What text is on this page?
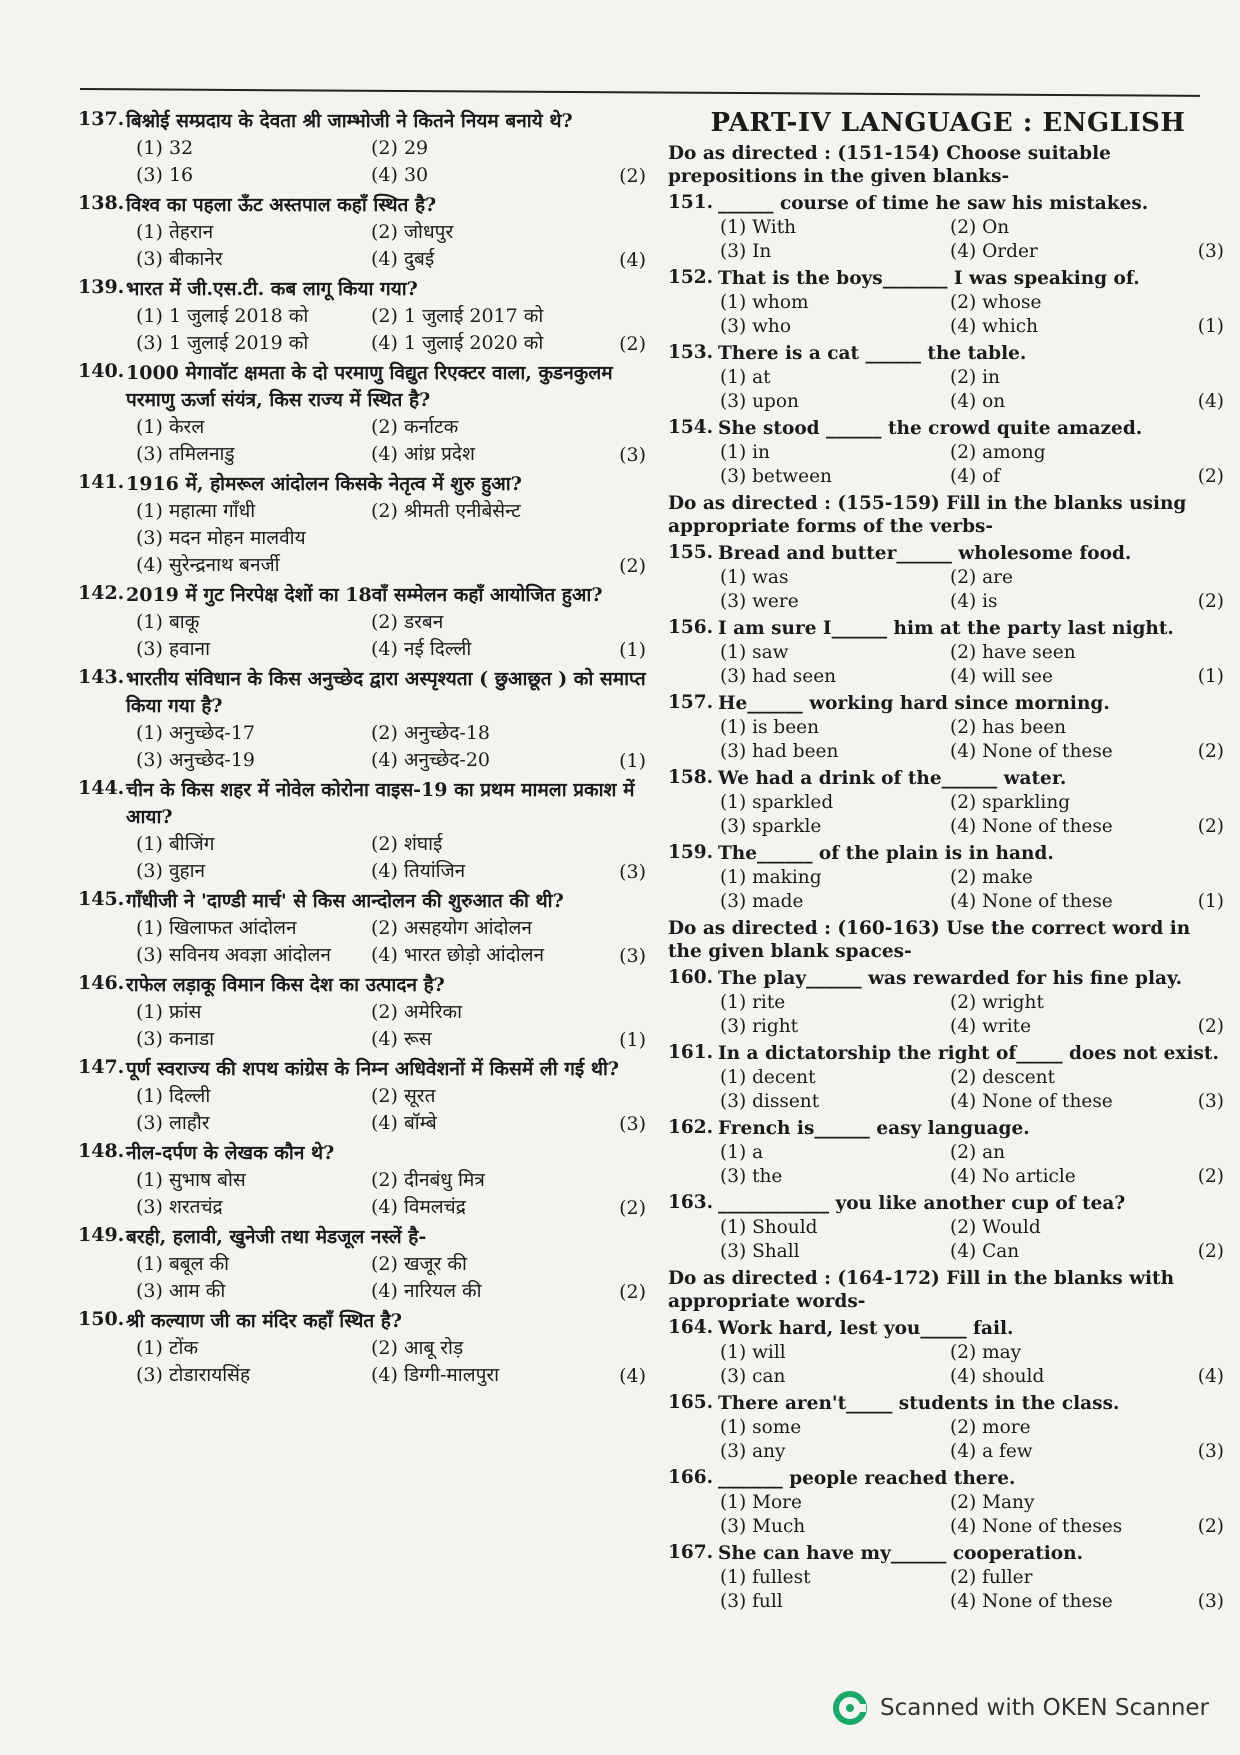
137. बिश्नोई सम्प्रदाय के देवता श्री जाम्भोजी ने कितने नियम बनाये थे?
(1) 32	(2) 29
(3) 16	(4) 30	(2)
138. विश्व का पहला ऊँट अस्तपाल कहाँ स्थित है?
(1) तेहरान	(2) जोधपुर
(3) बीकानेर	(4) दुबई	(4)
139. भारत में जी.एस.टी. कब लागू किया गया?
(1) 1 जुलाई 2018 को	(2) 1 जुलाई 2017 को
(3) 1 जुलाई 2019 को	(4) 1 जुलाई 2020 को	(2)
140. 1000 मेगावॉट क्षमता के दो परमाणु विद्युत रिएक्टर वाला, कुडनकुलम परमाणु ऊर्जा संयंत्र, किस राज्य में स्थित है?
(1) केरल	(2) कर्नाटक
(3) तमिलनाडु	(4) आंध्र प्रदेश	(3)
141. 1916 में, होमरूल आंदोलन किसके नेतृत्व में शुरु हुआ?
(1) महात्मा गाँधी	(2) श्रीमती एनीबेसेन्ट
(3) मदन मोहन मालवीय
(4) सुरेन्द्रनाथ बनर्जी	(2)
142. 2019 में गुट निरपेक्ष देशों का 18वाँ सम्मेलन कहाँ आयोजित हुआ?
(1) बाकू	(2) डरबन
(3) हवाना	(4) नई दिल्ली	(1)
143. भारतीय संविधान के किस अनुच्छेद द्वारा अस्पृश्यता ( छुआछूत ) को समाप्त किया गया है?
(1) अनुच्छेद-17	(2) अनुच्छेद-18
(3) अनुच्छेद-19	(4) अनुच्छेद-20	(1)
144. चीन के किस शहर में नोवेल कोरोना वाइस-19 का प्रथम मामला प्रकाश में आया?
(1) बीजिंग	(2) शंघाई
(3) वुहान	(4) तियांजिन	(3)
145. गाँधीजी ने 'दाण्डी मार्च' से किस आन्दोलन की शुरुआत की थी?
(1) खिलाफत आंदोलन	(2) असहयोग आंदोलन
(3) सविनय अवज्ञा आंदोलन	(4) भारत छोड़ो आंदोलन	(3)
146. राफेल लड़ाकू विमान किस देश का उत्पादन है?
(1) फ्रांस	(2) अमेरिका
(3) कनाडा	(4) रूस	(1)
147. पूर्ण स्वराज्य की शपथ कांग्रेस के निम्न अधिवेशनों में किसमें ली गई थी?
(1) दिल्ली	(2) सूरत
(3) लाहौर	(4) बॉम्बे	(3)
148. नील-दर्पण के लेखक कौन थे?
(1) सुभाष बोस	(2) दीनबंधु मित्र
(3) शरतचंद्र	(4) विमलचंद्र	(2)
149. बरही, हलावी, खुनेजी तथा मेडजूल नस्लें है-
(1) बबूल की	(2) खजूर की
(3) आम की	(4) नारियल की	(2)
150. श्री कल्याण जी का मंदिर कहाँ स्थित है?
(1) टोंक	(2) आबू रोड़
(3) टोडारायसिंह	(4) डिग्गी-मालपुरा	(4)
PART-IV LANGUAGE : ENGLISH
Do as directed : (151-154) Choose suitable prepositions in the given blanks-
151. ______ course of time he saw his mistakes.
(1) With	(2) On
(3) In	(4) Order	(3)
152. That is the boys_______ I was speaking of.
(1) whom	(2) whose
(3) who	(4) which	(1)
153. There is a cat ______ the table.
(1) at	(2) in
(3) upon	(4) on	(4)
154. She stood ______ the crowd quite amazed.
(1) in	(2) among
(3) between	(4) of	(2)
Do as directed : (155-159) Fill in the blanks using appropriate forms of the verbs-
155. Bread and butter______ wholesome food.
(1) was	(2) are
(3) were	(4) is	(2)
156. I am sure I______ him at the party last night.
(1) saw	(2) have seen
(3) had seen	(4) will see	(1)
157. He______ working hard since morning.
(1) is been	(2) has been
(3) had been	(4) None of these	(2)
158. We had a drink of the______ water.
(1) sparkled	(2) sparkling
(3) sparkle	(4) None of these	(2)
159. The______ of the plain is in hand.
(1) making	(2) make
(3) made	(4) None of these	(1)
Do as directed : (160-163) Use the correct word in the given blank spaces-
160. The play______ was rewarded for his fine play.
(1) rite	(2) wright
(3) right	(4) write	(2)
161. In a dictatorship the right of_____ does not exist.
(1) decent	(2) descent
(3) dissent	(4) None of these	(3)
162. French is______ easy language.
(1) a	(2) an
(3) the	(4) No article	(2)
163. ____________ you like another cup of tea?
(1) Should	(2) Would
(3) Shall	(4) Can	(2)
Do as directed : (164-172) Fill in the blanks with appropriate words-
164. Work hard, lest you_____ fail.
(1) will	(2) may
(3) can	(4) should	(4)
165. There aren't_____ students in the class.
(1) some	(2) more
(3) any	(4) a few	(3)
166. _______ people reached there.
(1) More	(2) Many
(3) Much	(4) None of theses	(2)
167. She can have my______ cooperation.
(1) fullest	(2) fuller
(3) full	(4) None of these	(3)
Scanned with OKEN Scanner
